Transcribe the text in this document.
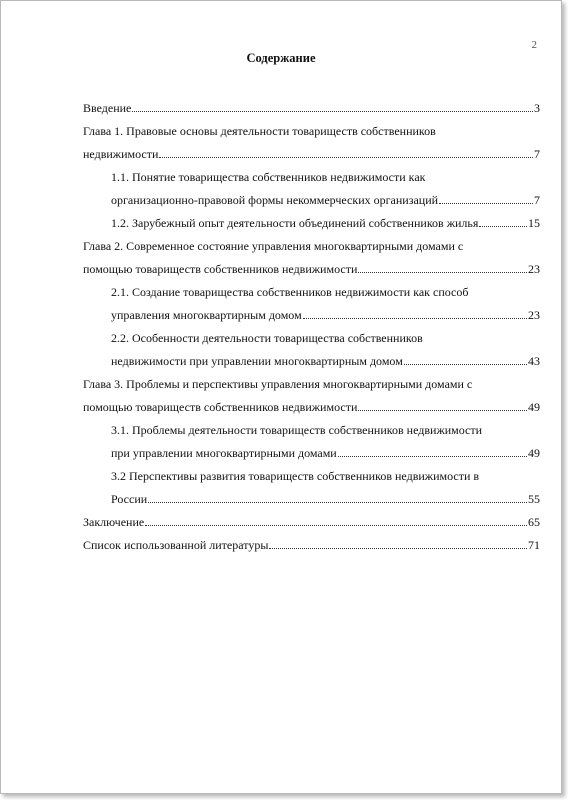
2
Содержание
Введение	3
Глава 1. Правовые основы деятельности товариществ собственников
недвижимости	7
1.1. Понятие товарищества собственников недвижимости как
организационно-правовой формы некоммерческих организаций	7
1.2. Зарубежный опыт деятельности объединений собственников жилья	15
Глава 2. Современное состояние управления многоквартирными домами с
помощью товариществ собственников недвижимости	23
2.1. Создание товарищества собственников недвижимости как способ
управления многоквартирным домом	23
2.2. Особенности деятельности товарищества собственников
недвижимости при управлении многоквартирным домом	43
Глава 3. Проблемы и перспективы управления многоквартирными домами с
помощью товариществ собственников недвижимости	49
3.1. Проблемы деятельности товариществ собственников недвижимости
при управлении многоквартирными домами	49
3.2 Перспективы развития товариществ собственников недвижимости в
России	55
Заключение	65
Список использованной литературы	71
